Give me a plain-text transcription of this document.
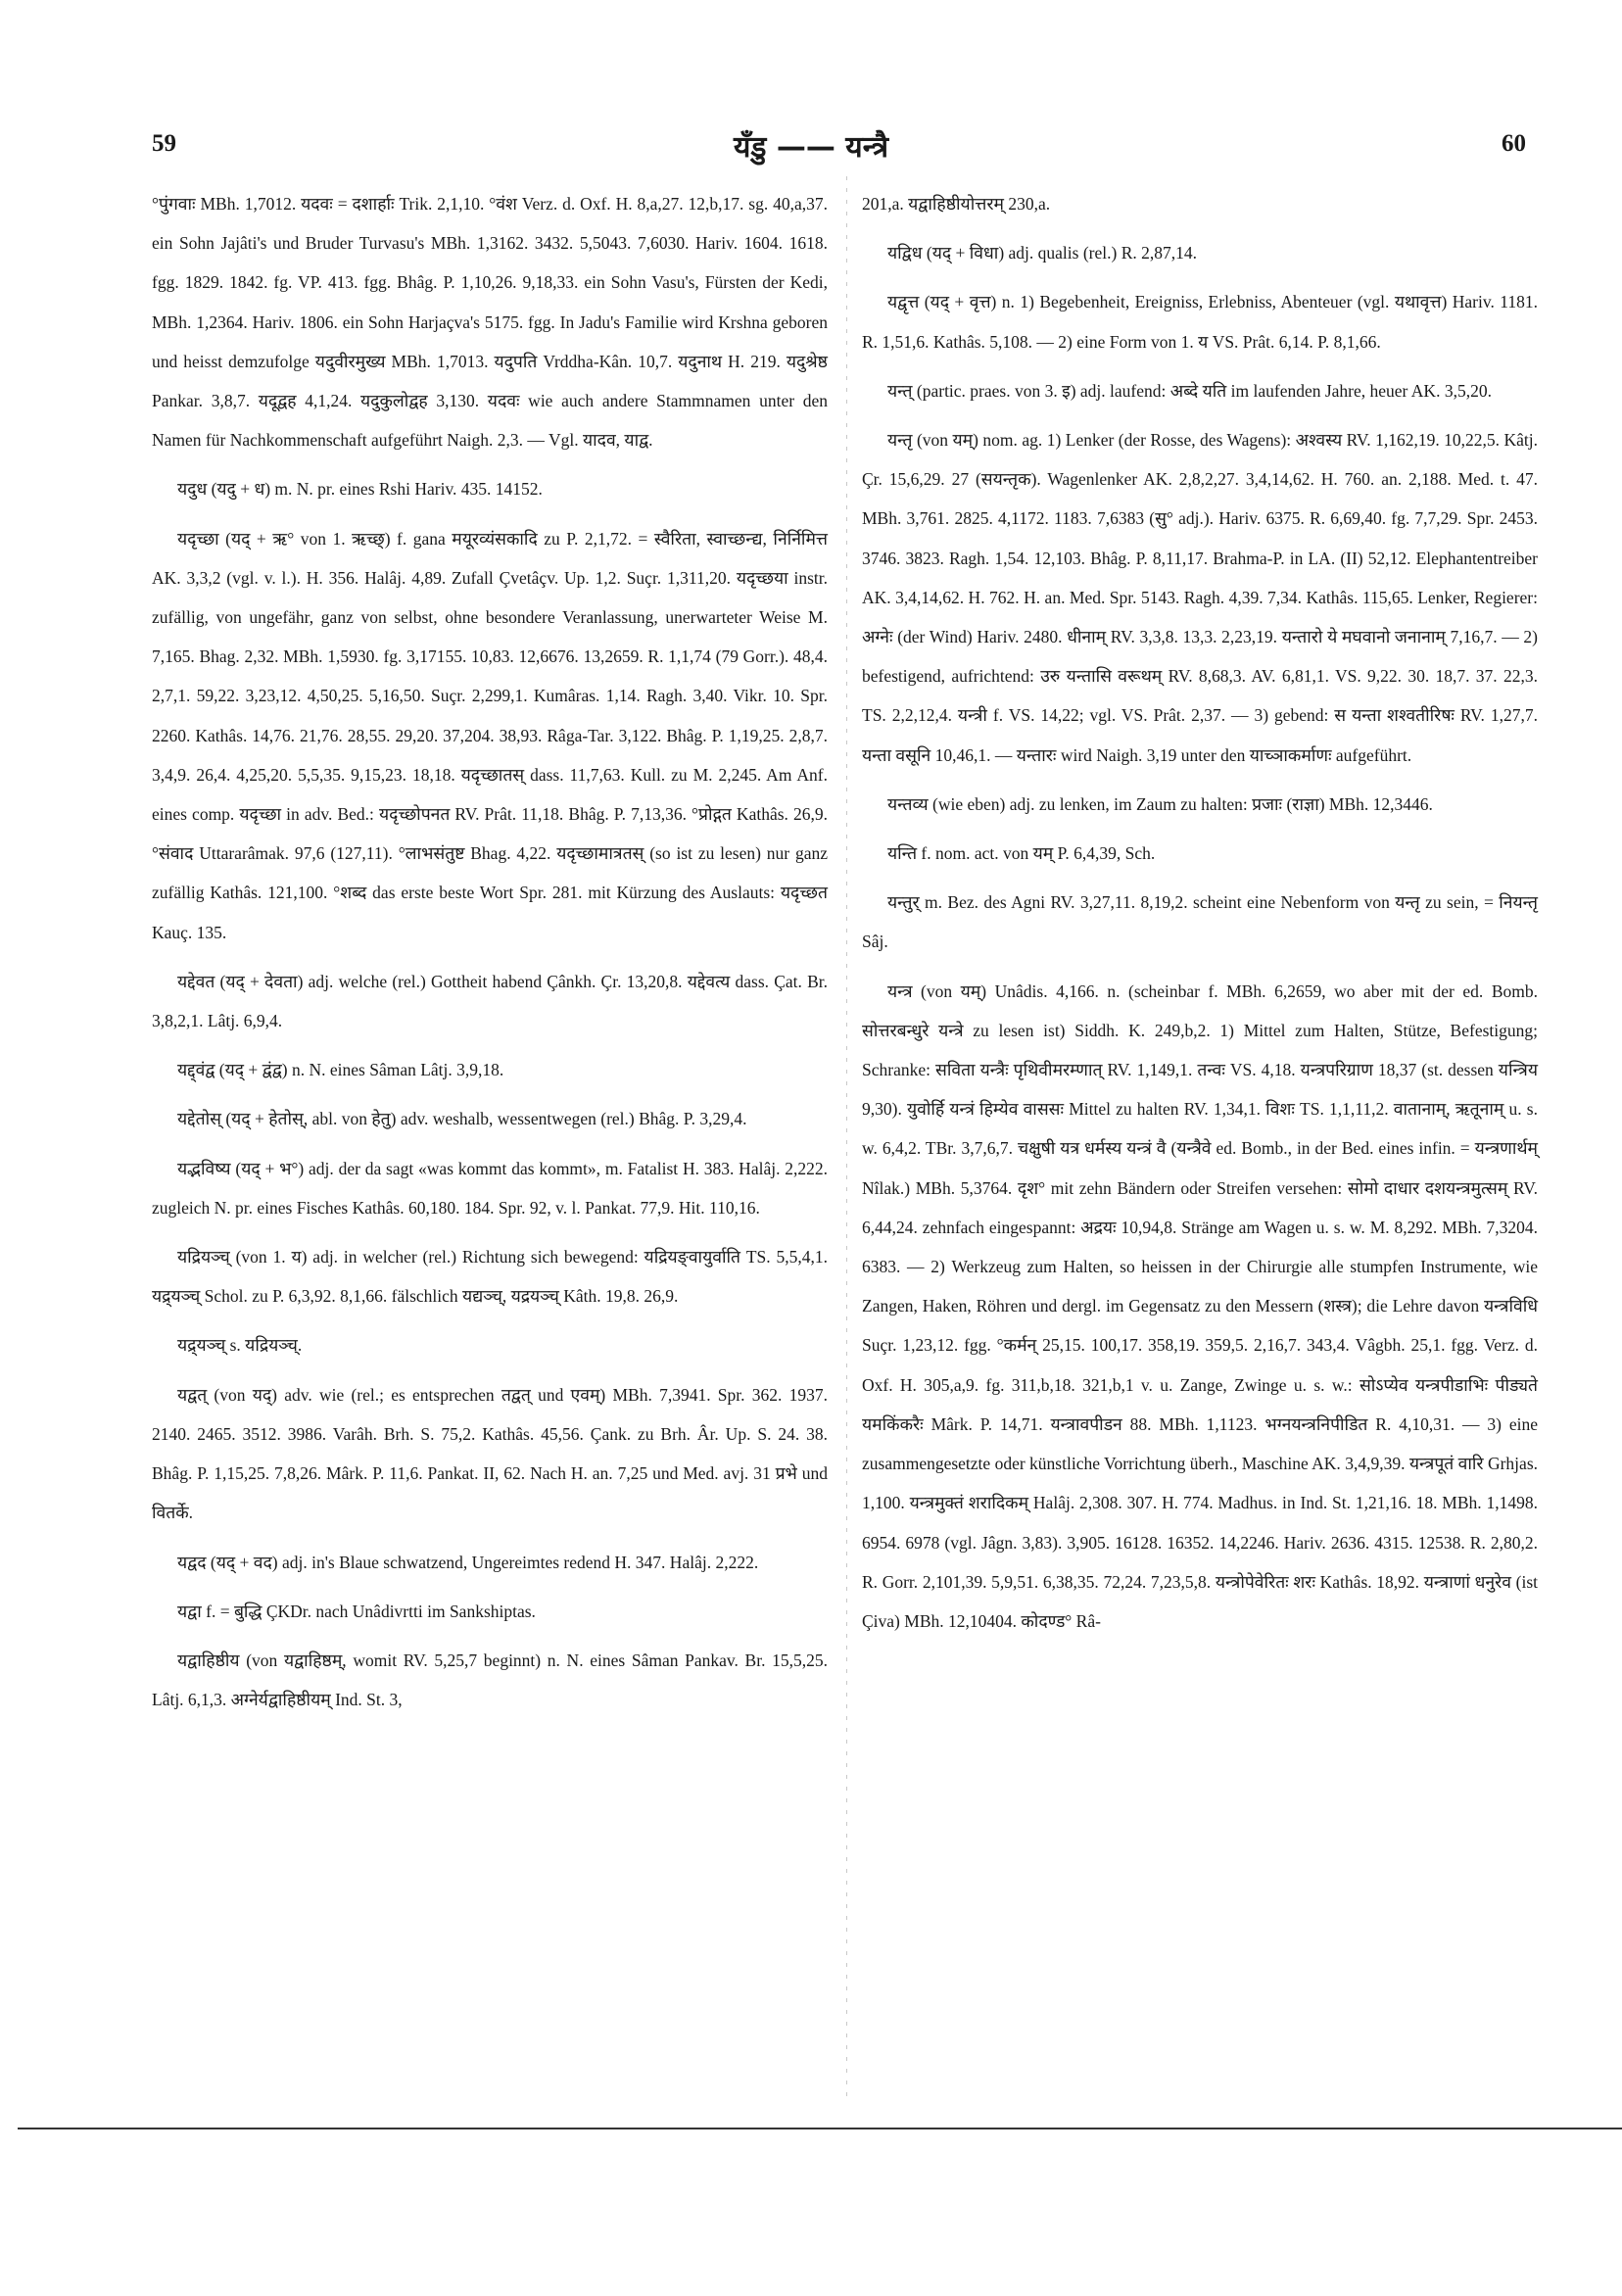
59	यँडु —— यन्त्रै	60

°पुंगवाः MBh. 1,7012. यदवः = दशार्हाः Trik. 2,1,10. °वंश Verz. d. Oxf. H. 8,a,27. 12,b,17. sg. 40,a,37. ein Sohn Jajâti's und Bruder Turvasu's MBh. 1,3162. 3432. 5,5043. 7,6030. Hariv. 1604. 1618. fgg. 1829. 1842. fg. VP. 413. fgg. Bhâg. P. 1,10,26. 9,18,33. ein Sohn Vasu's, Fürsten der Kedi, MBh. 1,2364. Hariv. 1806. ein Sohn Harjaçva's 5175. fgg. In Jadu's Familie wird Krshna geboren und heisst demzufolge यदुवीरमुख्य MBh. 1,7013. यदुपति Vrddha-Kân. 10,7. यदुनाथ H. 219. यदुश्रेष्ठ Pankar. 3,8,7. यदूद्वह 4,1,24. यदुकुलोद्वह 3,130. यदवः wie auch andere Stammnamen unter den Namen für Nachkommenschaft aufgeführt Naigh. 2,3. — Vgl. यादव, याद्व.

यदुध (यदु + ध) m. N. pr. eines Rshi Hariv. 435. 14152.

यदृच्छा (यद् + ऋ° von 1. ऋच्छ्) f. gana मयूरव्यंसकादि zu P. 2,1,72. = स्वैरिता, स्वाच्छन्द्य, निर्निमित्त AK. 3,3,2 (vgl. v. l.). H. 356. Halâj. 4,89. Zufall Çvetâçv. Up. 1,2. Suçr. 1,311,20. यदृच्छया instr. zufällig, von ungefähr, ganz von selbst, ohne besondere Veranlassung, unerwarteter Weise M. 7,165. Bhag. 2,32. MBh. 1,5930. fg. 3,17155. 10,83. 12,6676. 13,2659. R. 1,1,74 (79 Gorr.). 48,4. 2,7,1. 59,22. 3,23,12. 4,50,25. 5,16,50. Suçr. 2,299,1. Kumâras. 1,14. Ragh. 3,40. Vikr. 10. Spr. 2260. Kathâs. 14,76. 21,76. 28,55. 29,20. 37,204. 38,93. Râga-Tar. 3,122. Bhâg. P. 1,19,25. 2,8,7. 3,4,9. 26,4. 4,25,20. 5,5,35. 9,15,23. 18,18. यदृच्छातस् dass. 11,7,63. Kull. zu M. 2,245. Am Anf. eines comp. यदृच्छा in adv. Bed.: यदृच्छोपनत RV. Prât. 11,18. Bhâg. P. 7,13,36. °प्रोद्गत Kathâs. 26,9. °संवाद Uttararâmak. 97,6 (127,11). °लाभसंतुष्ट Bhag. 4,22. यदृच्छामात्रतस् (so ist zu lesen) nur ganz zufällig Kathâs. 121,100. °शब्द das erste beste Wort Spr. 281. mit Kürzung des Auslauts: यदृच्छत Kauç. 135.

यद्देवत (यद् + देवता) adj. welche (rel.) Gottheit habend Çânkh. Çr. 13,20,8. यद्देवत्य dass. Çat. Br. 3,8,2,1. Lâtj. 6,9,4.

यद्द्वंद्व (यद् + द्वंद्व) n. N. eines Sâman Lâtj. 3,9,18.

यद्देतोस् (यद् + हेतोस्, abl. von हेतु) adv. weshalb, wessentwegen (rel.) Bhâg. P. 3,29,4.

यद्भविष्य (यद् + भ°) adj. der da sagt «was kommt das kommt», m. Fatalist H. 383. Halâj. 2,222. zugleich N. pr. eines Fisches Kathâs. 60,180. 184. Spr. 92, v. l. Pankat. 77,9. Hit. 110,16.

यद्रियञ्च् (von 1. य) adj. in welcher (rel.) Richtung sich bewegend: यद्रियङ्वायुर्वाति TS. 5,5,4,1. यद्र्यञ्च् Schol. zu P. 6,3,92. 8,1,66. fälschlich यद्यञ्च्, यद्रयञ्च् Kâth. 19,8. 26,9.

यद्र्यञ्च् s. यद्रियञ्च्.

यद्वत् (von यद्) adv. wie (rel.; es entsprechen तद्वत् und एवम्) MBh. 7,3941. Spr. 362. 1937. 2140. 2465. 3512. 3986. Varâh. Brh. S. 75,2. Kathâs. 45,56. Çank. zu Brh. Âr. Up. S. 24. 38. Bhâg. P. 1,15,25. 7,8,26. Mârk. P. 11,6. Pankat. II, 62. Nach H. an. 7,25 und Med. avj. 31 प्रभे und वितर्के.

यद्वद (यद् + वद) adj. in's Blaue schwatzend, Ungereimtes redend H. 347. Halâj. 2,222.

यद्वा f. = बुद्धि ÇKDr. nach Unâdivrtti im Sankshiptas.

यद्वाहिष्ठीय (von यद्वाहिष्ठम्, womit RV. 5,25,7 beginnt) n. N. eines Sâman Pankav. Br. 15,5,25. Lâtj. 6,1,3. अग्नेर्यद्वाहिष्ठीयम् Ind. St. 3,

201,a. यद्वाहिष्ठीयोत्तरम् 230,a.

यद्विध (यद् + विधा) adj. qualis (rel.) R. 2,87,14.

यद्वृत्त (यद् + वृत्त) n. 1) Begebenheit, Ereigniss, Erlebniss, Abenteuer (vgl. यथावृत्त) Hariv. 1181. R. 1,51,6. Kathâs. 5,108. — 2) eine Form von 1. य VS. Prât. 6,14. P. 8,1,66.

यन्त् (partic. praes. von 3. इ) adj. laufend: अब्दे यति im laufenden Jahre, heuer AK. 3,5,20.

यन्तृ (von यम्) nom. ag. 1) Lenker (der Rosse, des Wagens): अश्वस्य RV. 1,162,19. 10,22,5. Kâtj. Çr. 15,6,29. 27 (सयन्तृक). Wagenlenker AK. 2,8,2,27. 3,4,14,62. H. 760. an. 2,188. Med. t. 47. MBh. 3,761. 2825. 4,1172. 1183. 7,6383 (सु° adj.). Hariv. 6375. R. 6,69,40. fg. 7,7,29. Spr. 2453. 3746. 3823. Ragh. 1,54. 12,103. Bhâg. P. 8,11,17. Brahma-P. in LA. (II) 52,12. Elephantentreiber AK. 3,4,14,62. H. 762. H. an. Med. Spr. 5143. Ragh. 4,39. 7,34. Kathâs. 115,65. Lenker, Regierer: अग्नेः (der Wind) Hariv. 2480. धीनाम् RV. 3,3,8. 13,3. 2,23,19. यन्तारो ये मघवानो जनानाम् 7,16,7. — 2) befestigend, aufrichtend: उरु यन्तासि वरूथम् RV. 8,68,3. AV. 6,81,1. VS. 9,22. 30. 18,7. 37. 22,3. TS. 2,2,12,4. यन्त्री f. VS. 14,22; vgl. VS. Prât. 2,37. — 3) gebend: स यन्ता शश्वतीरिषः RV. 1,27,7. यन्ता वसूनि 10,46,1. — यन्तारः wird Naigh. 3,19 unter den याच्ञाकर्माणः aufgeführt.

यन्तव्य (wie eben) adj. zu lenken, im Zaum zu halten: प्रजाः (राज्ञा) MBh. 12,3446.

यन्ति f. nom. act. von यम् P. 6,4,39, Sch.

यन्तुर् m. Bez. des Agni RV. 3,27,11. 8,19,2. scheint eine Nebenform von यन्तृ zu sein, = नियन्तृ Sâj.

यन्त्र (von यम्) Unâdis. 4,166. n. (scheinbar f. MBh. 6,2659, wo aber mit der ed. Bomb. सोत्तरबन्धुरे यन्त्रे zu lesen ist) Siddh. K. 249,b,2. 1) Mittel zum Halten, Stütze, Befestigung; Schranke: सविता यन्त्रैः पृथिवीमरम्णात् RV. 1,149,1. तन्वः VS. 4,18. यन्त्रपरिग्राण 18,37 (st. dessen यन्त्रिय 9,30). युवोर्हि यन्त्रं हिम्येव वाससः Mittel zu halten RV. 1,34,1. विशः TS. 1,1,11,2. वातानाम्, ऋतूनाम् u. s. w. 6,4,2. TBr. 3,7,6,7. चक्षुषी यत्र धर्मस्य यन्त्रं वै (यन्त्रैवे ed. Bomb., in der Bed. eines infin. = यन्त्रणार्थम् Nîlak.) MBh. 5,3764. दृश° mit zehn Bändern oder Streifen versehen: सोमो दाधार दशयन्त्रमुत्सम् RV. 6,44,24. zehnfach eingespannt: अद्रयः 10,94,8. Stränge am Wagen u. s. w. M. 8,292. MBh. 7,3204. 6383. — 2) Werkzeug zum Halten, so heissen in der Chirurgie alle stumpfen Instrumente, wie Zangen, Haken, Röhren und dergl. im Gegensatz zu den Messern (शस्त्र); die Lehre davon यन्त्रविधि Suçr. 1,23,12. fgg. °कर्मन् 25,15. 100,17. 358,19. 359,5. 2,16,7. 343,4. Vâgbh. 25,1. fgg. Verz. d. Oxf. H. 305,a,9. fg. 311,b,18. 321,b,1 v. u. Zange, Zwinge u. s. w.: सोऽप्येव यन्त्रपीडाभिः पीड्यते यमकिंकरैः Mârk. P. 14,71. यन्त्रावपीडन 88. MBh. 1,1123. भग्नयन्त्रनिपीडित R. 4,10,31. — 3) eine zusammengesetzte oder künstliche Vorrichtung überh., Maschine AK. 3,4,9,39. यन्त्रपूतं वारि Grhjas. 1,100. यन्त्रमुक्तं शरादिकम् Halâj. 2,308. 307. H. 774. Madhus. in Ind. St. 1,21,16. 18. MBh. 1,1498. 6954. 6978 (vgl. Jâgn. 3,83). 3,905. 16128. 16352. 14,2246. Hariv. 2636. 4315. 12538. R. 2,80,2. R. Gorr. 2,101,39. 5,9,51. 6,38,35. 72,24. 7,23,5,8. यन्त्रोपेवेरितः शरः Kathâs. 18,92. यन्त्राणां धनुरेव (ist Çiva) MBh. 12,10404. कोदण्ड° Râ-
